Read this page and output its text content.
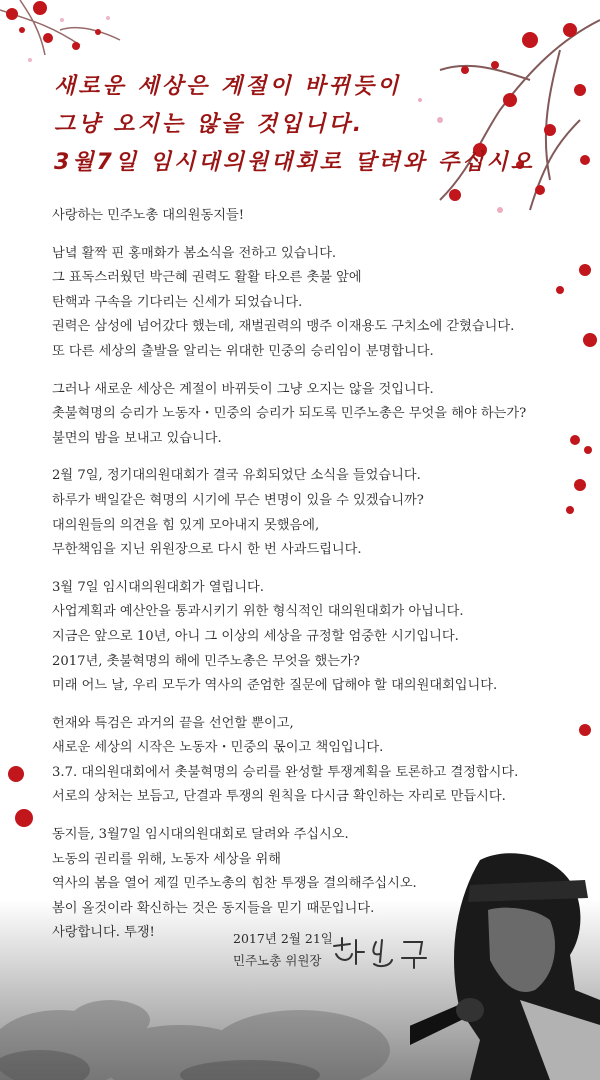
새로운 세상은 계절이 바뀌듯이
그냥 오지는 않을 것입니다.
3월7일 임시대의원대회로 달려와 주십시오

사랑하는 민주노총 대의원동지들!

남녘 활짝 핀 홍매화가 봄소식을 전하고 있습니다.
그 표독스러웠던 박근혜 권력도 활활 타오른 촛불 앞에
탄핵과 구속을 기다리는 신세가 되었습니다.
권력은 삼성에 넘어갔다 했는데, 재벌권력의 맹주 이재용도 구치소에 갇혔습니다.
또 다른 세상의 출발을 알리는 위대한 민중의 승리임이 분명합니다.

그러나 새로운 세상은 계절이 바뀌듯이 그냥 오지는 않을 것입니다.
촛불혁명의 승리가 노동자・민중의 승리가 되도록 민주노총은 무엇을 해야 하는가?
불면의 밤을 보내고 있습니다.

2월 7일, 정기대의원대회가 결국 유회되었단 소식을 들었습니다.
하루가 백일같은 혁명의 시기에 무슨 변명이 있을 수 있겠습니까?
대의원들의 의견을 힘 있게 모아내지 못했음에,
무한책임을 지닌 위원장으로 다시 한 번 사과드립니다.

3월 7일 임시대의원대회가 열립니다.
사업계획과 예산안을 통과시키기 위한 형식적인 대의원대회가 아닙니다.
지금은 앞으로 10년, 아니 그 이상의 세상을 규정할 엄중한 시기입니다.
2017년, 촛불혁명의 해에 민주노총은 무엇을 했는가?
미래 어느 날, 우리 모두가 역사의 준엄한 질문에 답해야 할 대의원대회입니다.

헌재와 특검은 과거의 끝을 선언할 뿐이고,
새로운 세상의 시작은 노동자・민중의 몫이고 책임입니다.
3.7. 대의원대회에서 촛불혁명의 승리를 완성할 투쟁계획을 토론하고 결정합시다.
서로의 상처는 보듬고, 단결과 투쟁의 원칙을 다시금 확인하는 자리로 만듭시다.

동지들, 3월7일 임시대의원대회로 달려와 주십시오.
노동의 권리를 위해, 노동자 세상을 위해
역사의 봄을 열어 제낄 민주노총의 힘찬 투쟁을 결의해주십시오.
봄이 올것이라 확신하는 것은 동지들을 믿기 때문입니다.
사랑합니다. 투쟁!	2017년 2월 21일
민주노총 위원장
